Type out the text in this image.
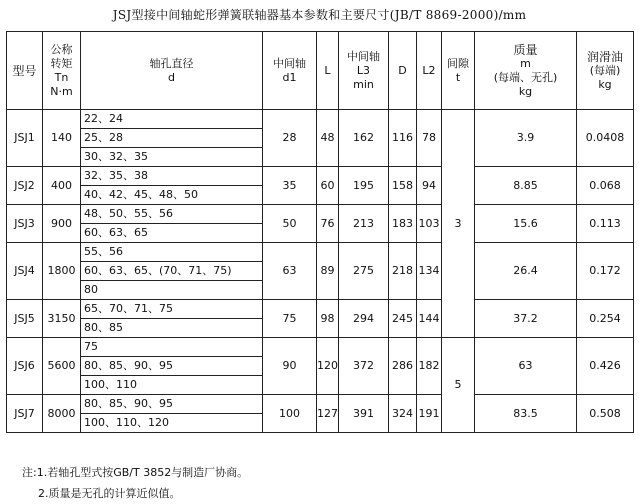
JSJ型接中间轴蛇形弹簧联轴器基本参数和主要尺寸(JB/T 8869-2000)/mm
型号	公称
转矩
Tn
N·m	轴孔直径
d	中间轴
d1	L	中间轴
L3
min	D	L2	间隙
t	质量
m
(每端、无孔)
kg	润滑油
(每端)
kg

JSJ1	140	22、24	28	48	162	116	78	3	3.9	0.0408
		25、28								
		30、32、35								
JSJ2	400	32、35、38	35	60	195	158	94		8.85	0.068
		40、42、45、48、50								
JSJ3	900	48、50、55、56	50	76	213	183	103		15.6	0.113
		60、63、65								
JSJ4	1800	55、56	63	89	275	218	134		26.4	0.172
		60、63、65、(70、71、75)								
		80								
JSJ5	3150	65、70、71、75	75	98	294	245	144		37.2	0.254
		80、85								
JSJ6	5600	75	90	120	372	286	182	5	63	0.426
		80、85、90、95								
		100、110								
JSJ7	8000	80、85、90、95	100	127	391	324	191		83.5	0.508
		100、110、120								
注:1.若轴孔型式按GB/T 3852与制造厂协商。
2.质量是无孔的计算近似值。
